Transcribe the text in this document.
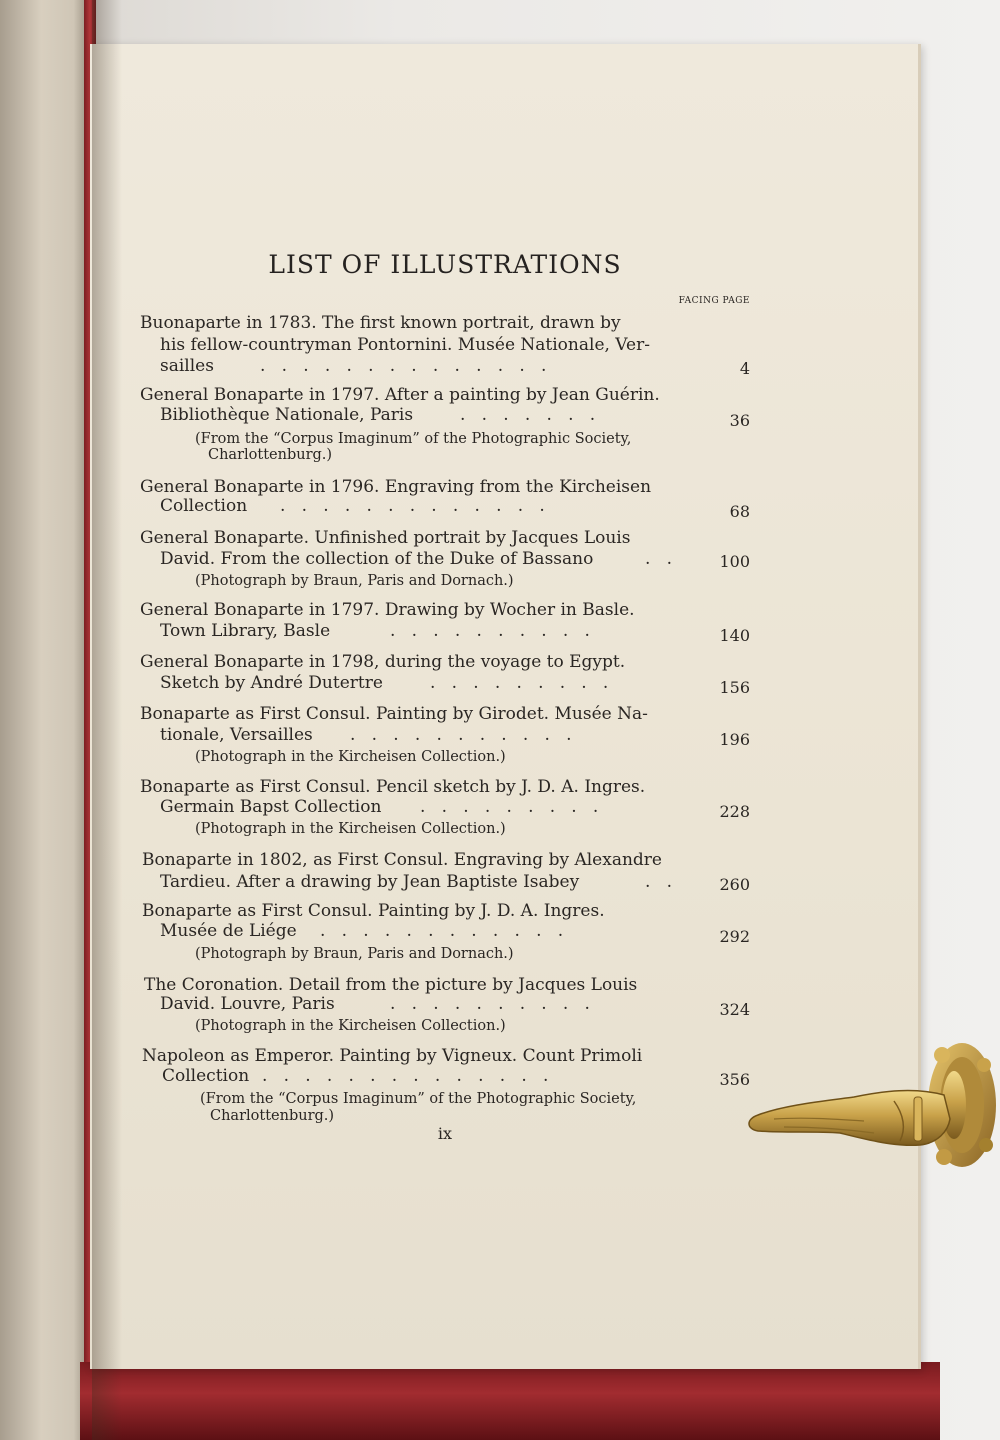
LIST OF ILLUSTRATIONS
FACING PAGE
Buonaparte in 1783. The first known portrait, drawn by
his fellow-countryman Pontornini. Musée Nationale, Ver-
sailles	.   .   .   .   .   .   .   .   .   .   .   .   .   .	4
General Bonaparte in 1797. After a painting by Jean Guérin.
Bibliothèque Nationale, Paris	.   .   .   .   .   .   .	36
(From the “Corpus Imaginum” of the Photographic Society,
Charlottenburg.)
General Bonaparte in 1796. Engraving from the Kircheisen
Collection .   .   .   .   .   .   .   .   .   .   .   .   .	68
General Bonaparte. Unfinished portrait by Jacques Louis
David. From the collection of the Duke of Bassano	.   .	100
(Photograph by Braun, Paris and Dornach.)
General Bonaparte in 1797. Drawing by Wocher in Basle.
Town Library, Basle	.   .   .   .   .   .   .   .   .   .	140
General Bonaparte in 1798, during the voyage to Egypt.
Sketch by André Dutertre	.   .   .   .   .   .   .   .   .	156
Bonaparte as First Consul. Painting by Girodet. Musée Na-
tionale, Versailles .   .   .   .   .   .   .   .   .   .   .	196
(Photograph in the Kircheisen Collection.)
Bonaparte as First Consul. Pencil sketch by J. D. A. Ingres.
Germain Bapst Collection .   .   .   .   .   .   .   .   .	228
(Photograph in the Kircheisen Collection.)
Bonaparte in 1802, as First Consul. Engraving by Alexandre
Tardieu. After a drawing by Jean Baptiste Isabey	.   .	260
Bonaparte as First Consul. Painting by J. D. A. Ingres.
Musée de Liége .   .   .   .   .   .   .   .   .   .   .   .	292
(Photograph by Braun, Paris and Dornach.)
The Coronation. Detail from the picture by Jacques Louis
David. Louvre, Paris	.   .   .   .   .   .   .   .   .   .	324
(Photograph in the Kircheisen Collection.)
Napoleon as Emperor. Painting by Vigneux. Count Primoli
Collection .   .   .   .   .   .   .   .   .   .   .   .   .   .	356
(From the “Corpus Imaginum” of the Photographic Society,
Charlottenburg.)
ix
